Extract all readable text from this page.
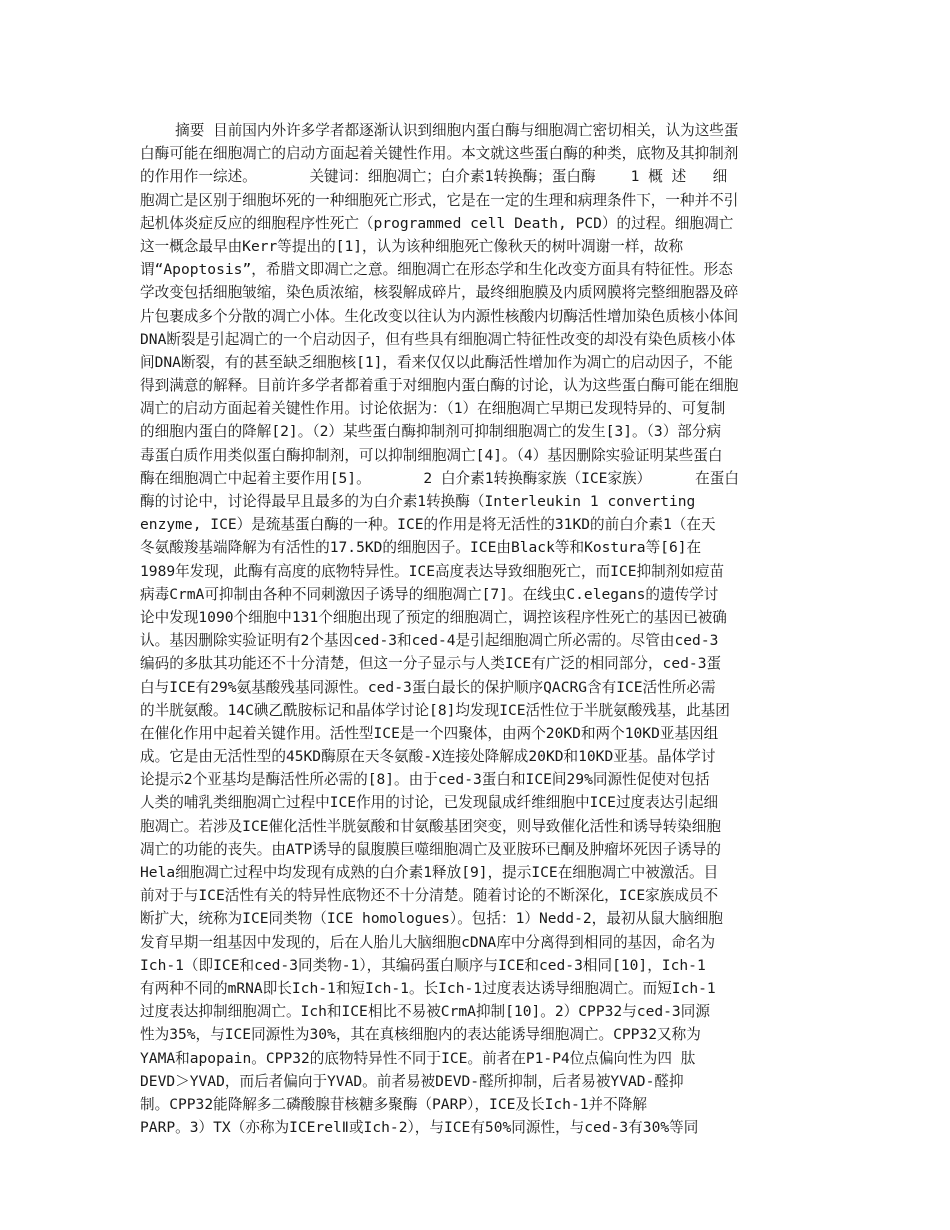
摘要 目前国内外许多学者都逐渐认识到细胞内蛋白酶与细胞凋亡密切相关，认为这些蛋
白酶可能在细胞凋亡的启动方面起着关键性作用。本文就这些蛋白酶的种类，底物及其抑制剂
的作用作一综述。      关键词：细胞凋亡；白介素1转换酶；蛋白酶    1 概 述   细
胞凋亡是区别于细胞坏死的一种细胞死亡形式，它是在一定的生理和病理条件下，一种并不引
起机体炎症反应的细胞程序性死亡（programmed cell Death, PCD）的过程。细胞凋亡
这一概念最早由Kerr等提出的[1]，认为该种细胞死亡像秋天的树叶凋谢一样，故称
谓“Apoptosis”，希腊文即凋亡之意。细胞凋亡在形态学和生化改变方面具有特征性。形态
学改变包括细胞皱缩，染色质浓缩，核裂解成碎片，最终细胞膜及内质网膜将完整细胞器及碎
片包裹成多个分散的凋亡小体。生化改变以往认为内源性核酸内切酶活性增加染色质核小体间
DNA断裂是引起凋亡的一个启动因子，但有些具有细胞凋亡特征性改变的却没有染色质核小体
间DNA断裂，有的甚至缺乏细胞核[1]，看来仅仅以此酶活性增加作为凋亡的启动因子，不能
得到满意的解释。目前许多学者都着重于对细胞内蛋白酶的讨论，认为这些蛋白酶可能在细胞
凋亡的启动方面起着关键性作用。讨论依据为：（1）在细胞凋亡早期已发现特异的、可复制
的细胞内蛋白的降解[2]。（2）某些蛋白酶抑制剂可抑制细胞凋亡的发生[3]。（3）部分病
毒蛋白质作用类似蛋白酶抑制剂，可以抑制细胞凋亡[4]。（4）基因删除实验证明某些蛋白
酶在细胞凋亡中起着主要作用[5]。      2 白介素1转换酶家族（ICE家族）     在蛋白
酶的讨论中，讨论得最早且最多的为白介素1转换酶（Interleukin 1 converting
enzyme, ICE）是巯基蛋白酶的一种。ICE的作用是将无活性的31KD的前白介素1（在天
冬氨酸羧基端降解为有活性的17.5KD的细胞因子。ICE由Black等和Kostura等[6]在
1989年发现，此酶有高度的底物特异性。ICE高度表达导致细胞死亡，而ICE抑制剂如痘苗
病毒CrmA可抑制由各种不同刺激因子诱导的细胞凋亡[7]。在线虫C.elegans的遗传学讨
论中发现1090个细胞中131个细胞出现了预定的细胞凋亡，调控该程序性死亡的基因已被确
认。基因删除实验证明有2个基因ced-3和ced-4是引起细胞凋亡所必需的。尽管由ced-3
编码的多肽其功能还不十分清楚，但这一分子显示与人类ICE有广泛的相同部分，ced-3蛋
白与ICE有29%氨基酸残基同源性。ced-3蛋白最长的保护顺序QACRG含有ICE活性所必需
的半胱氨酸。14C碘乙酰胺标记和晶体学讨论[8]均发现ICE活性位于半胱氨酸残基，此基团
在催化作用中起着关键作用。活性型ICE是一个四聚体，由两个20KD和两个10KD亚基因组
成。它是由无活性型的45KD酶原在天冬氨酸-X连接处降解成20KD和10KD亚基。晶体学讨
论提示2个亚基均是酶活性所必需的[8]。由于ced-3蛋白和ICE间29%同源性促使对包括
人类的哺乳类细胞凋亡过程中ICE作用的讨论，已发现鼠成纤维细胞中ICE过度表达引起细
胞凋亡。若涉及ICE催化活性半胱氨酸和甘氨酸基团突变，则导致催化活性和诱导转染细胞
凋亡的功能的丧失。由ATP诱导的鼠腹膜巨噬细胞凋亡及亚胺环已酮及肿瘤坏死因子诱导的
Hela细胞凋亡过程中均发现有成熟的白介素1释放[9]，提示ICE在细胞凋亡中被激活。目
前对于与ICE活性有关的特异性底物还不十分清楚。随着讨论的不断深化，ICE家族成员不
断扩大，统称为ICE同类物（ICE homologues）。包括：1）Nedd-2，最初从鼠大脑细胞
发育早期一组基因中发现的，后在人胎儿大脑细胞cDNA库中分离得到相同的基因，命名为
Ich-1（即ICE和ced-3同类物-1），其编码蛋白顺序与ICE和ced-3相同[10]，Ich-1
有两种不同的mRNA即长Ich-1和短Ich-1。长Ich-1过度表达诱导细胞凋亡。而短Ich-1
过度表达抑制细胞凋亡。Ich和ICE相比不易被CrmA抑制[10]。2）CPP32与ced-3同源
性为35%，与ICE同源性为30%，其在真核细胞内的表达能诱导细胞凋亡。CPP32又称为
YAMA和apopain。CPP32的底物特异性不同于ICE。前者在P1-P4位点偏向性为四 肽
DEVD＞YVAD，而后者偏向于YVAD。前者易被DEVD-醛所抑制，后者易被YVAD-醛抑
制。CPP32能降解多二磷酸腺苷核糖多聚酶（PARP），ICE及长Ich-1并不降解
PARP。3）TX（亦称为ICErelⅡ或Ich-2），与ICE有50%同源性，与ced-3有30%等同
